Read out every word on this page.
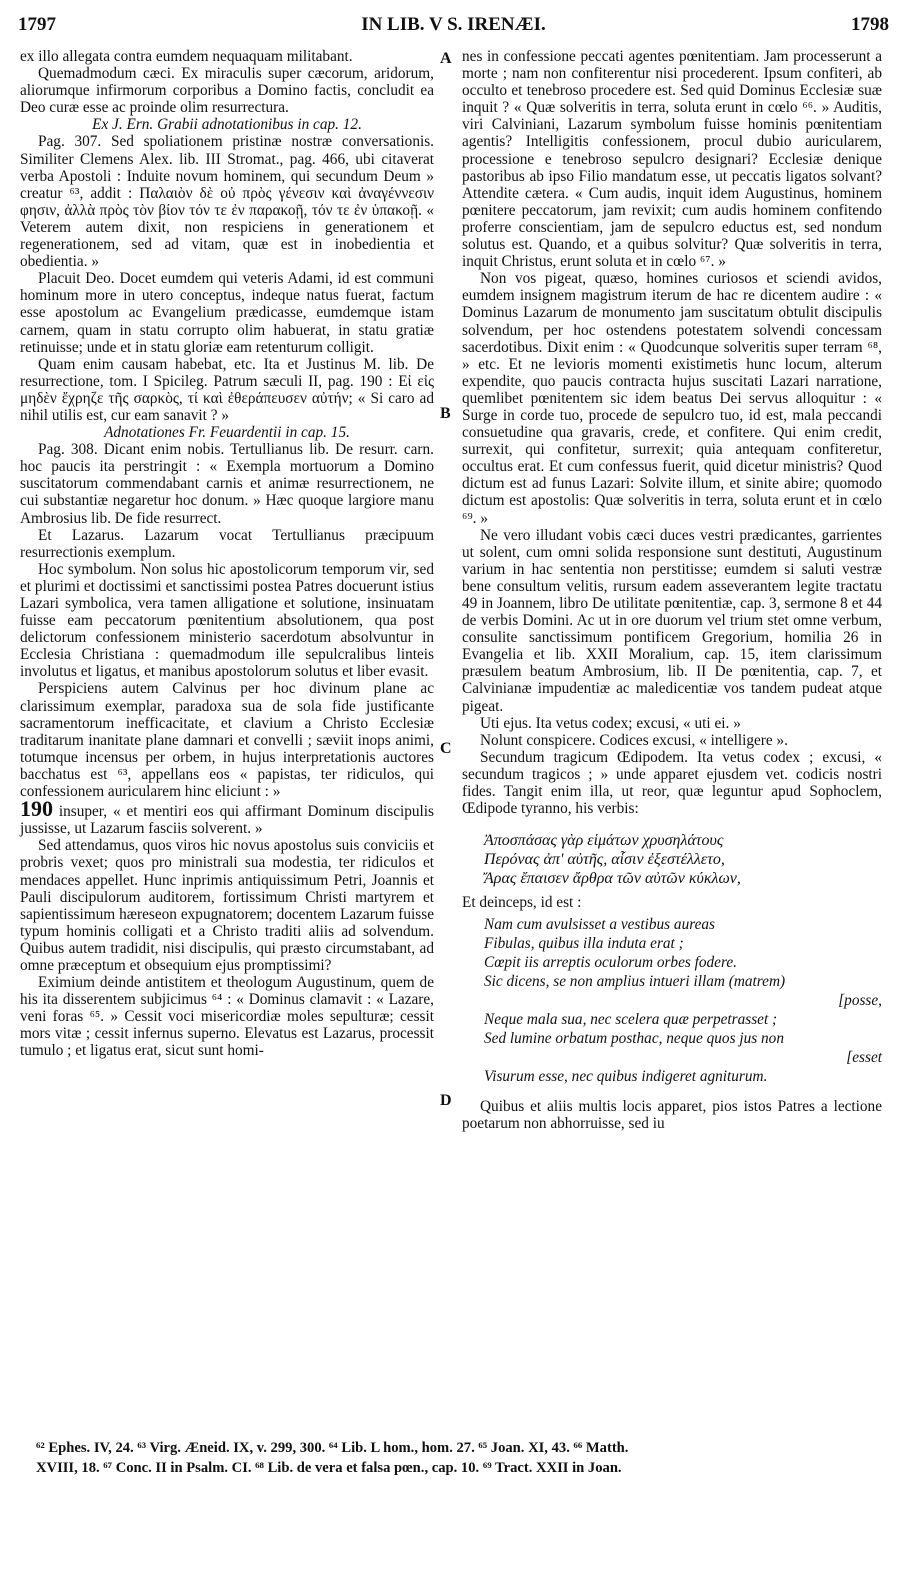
1797	IN LIB. V S. IRENÆI.	1798
A
B
C
D

ex illo allegata contra eumdem nequaquam militabant.

Quemadmodum cæci. Ex miraculis super cæcorum, aridorum, aliorumque infirmorum corporibus a Domino factis, concludit ea Deo curæ esse ac proinde olim resurrectura.

Ex J. Ern. Grabii adnotationibus in cap. 12.

Pag. 307. Sed spoliationem pristinæ nostræ conversationis. Similiter Clemens Alex. lib. III Stromat., pag. 466, ubi citaverat verba Apostoli : Induite novum hominem, qui secundum Deum » creatur ⁶³, addit : Παλαιὸν δὲ οὐ πρὸς γένεσιν καὶ ἀναγέννεσιν φησιν, ἀλλὰ πρὸς τὸν βίον τόν τε ἐν παρακοῇ, τόν τε ἐν ὑπακοῇ. « Veterem autem dixit, non respiciens in generationem et regenerationem, sed ad vitam, quæ est in inobedientia et obedientia. »

Placuit Deo. Docet eumdem qui veteris Adami, id est communi hominum more in utero conceptus, indeque natus fuerat, factum esse apostolum ac Evangelium prædicasse, eumdemque istam carnem, quam in statu corrupto olim habuerat, in statu gratiæ retinuisse; unde et in statu gloriæ eam retenturum colligit.

Quam enim causam habebat, etc. Ita et Justinus M. lib. De resurrectione, tom. I Spicileg. Patrum sæculi II, pag. 190 : Εἰ εἰς μηδὲν ἔχρηζε τῆς σαρκὸς, τί καὶ ἐθεράπευσεν αὐτήν; « Si caro ad nihil utilis est, cur eam sanavit ? »

Adnotationes Fr. Feuardentii in cap. 15.

Pag. 308. Dicant enim nobis. Tertullianus lib. De resurr. carn. hoc paucis ita perstringit : « Exempla mortuorum a Domino suscitatorum commendabant carnis et animæ resurrectionem, ne cui substantiæ negaretur hoc donum. » Hæc quoque largiore manu Ambrosius lib. De fide resurrect.

Et Lazarus. Lazarum vocat Tertullianus præcipuum resurrectionis exemplum.

Hoc symbolum. Non solus hic apostolicorum temporum vir, sed et plurimi et doctissimi et sanctissimi postea Patres docuerunt istius Lazari symbolica, vera tamen alligatione et solutione, insinuatam fuisse eam peccatorum pœnitentium absolutionem, qua post delictorum confessionem ministerio sacerdotum absolvuntur in Ecclesia Christiana : quemadmodum ille sepulcralibus linteis involutus et ligatus, et manibus apostolorum solutus et liber evasit.

Perspiciens autem Calvinus per hoc divinum plane ac clarissimum exemplar, paradoxa sua de sola fide justificante sacramentorum inefficacitate, et clavium a Christo Ecclesiæ traditarum inanitate plane damnari et convelli ; sæviit inops animi, totumque incensus per orbem, in hujus interpretationis auctores bacchatus est ⁶³, appellans eos « papistas, ter ridiculos, qui confessionem auricularem hinc eliciunt : »

190 insuper, « et mentiri eos qui affirmant Dominum discipulis jussisse, ut Lazarum fasciis solverent. »

Sed attendamus, quos viros hic novus apostolus suis conviciis et probris vexet; quos pro ministrali sua modestia, ter ridiculos et mendaces appellet. Hunc inprimis antiquissimum Petri, Joannis et Pauli discipulorum auditorem, fortissimum Christi martyrem et sapientissimum hæreseon expugnatorem; docentem Lazarum fuisse typum hominis colligati et a Christo traditi aliis ad solvendum. Quibus autem tradidit, nisi discipulis, qui præsto circumstabant, ad omne præceptum et obsequium ejus promptissimi?

Eximium deinde antistitem et theologum Augustinum, quem de his ita disserentem subjicimus ⁶⁴ : « Dominus clamavit : « Lazare, veni foras ⁶⁵. » Cessit voci misericordiæ moles sepulturæ; cessit mors vitæ ; cessit infernus superno. Elevatus est Lazarus, processit tumulo ; et ligatus erat, sicut sunt homi-

nes in confessione peccati agentes pœnitentiam. Jam processerunt a morte ; nam non confiterentur nisi procederent. Ipsum confiteri, ab occulto et tenebroso procedere est. Sed quid Dominus Ecclesiæ suæ inquit ? « Quæ solveritis in terra, soluta erunt in cœlo ⁶⁶. » Auditis, viri Calviniani, Lazarum symbolum fuisse hominis pœnitentiam agentis? Intelligitis confessionem, procul dubio auricularem, processione e tenebroso sepulcro designari? Ecclesiæ denique pastoribus ab ipso Filio mandatum esse, ut peccatis ligatos solvant? Attendite cætera. « Cum audis, inquit idem Augustinus, hominem pœnitere peccatorum, jam revixit; cum audis hominem confitendo proferre conscientiam, jam de sepulcro eductus est, sed nondum solutus est. Quando, et a quibus solvitur? Quæ solveritis in terra, inquit Christus, erunt soluta et in cœlo ⁶⁷. »

Non vos pigeat, quæso, homines curiosos et sciendi avidos, eumdem insignem magistrum iterum de hac re dicentem audire : « Dominus Lazarum de monumento jam suscitatum obtulit discipulis solvendum, per hoc ostendens potestatem solvendi concessam sacerdotibus. Dixit enim : « Quodcunque solveritis super terram ⁶⁸, » etc. Et ne levioris momenti existimetis hunc locum, alterum expendite, quo paucis contracta hujus suscitati Lazari narratione, quemlibet pœnitentem sic idem beatus Dei servus alloquitur : « Surge in corde tuo, procede de sepulcro tuo, id est, mala peccandi consuetudine qua gravaris, crede, et confitere. Qui enim credit, surrexit, qui confitetur, surrexit; quia antequam confiteretur, occultus erat. Et cum confessus fuerit, quid dicetur ministris? Quod dictum est ad funus Lazari: Solvite illum, et sinite abire; quomodo dictum est apostolis: Quæ solveritis in terra, soluta erunt et in cœlo ⁶⁹. »

Ne vero illudant vobis cæci duces vestri prædicantes, garrientes ut solent, cum omni solida responsione sunt destituti, Augustinum varium in hac sententia non perstitisse; eumdem si saluti vestræ bene consultum velitis, rursum eadem asseverantem legite tractatu 49 in Joannem, libro De utilitate pœnitentiæ, cap. 3, sermone 8 et 44 de verbis Domini. Ac ut in ore duorum vel trium stet omne verbum, consulite sanctissimum pontificem Gregorium, homilia 26 in Evangelia et lib. XXII Moralium, cap. 15, item clarissimum præsulem beatum Ambrosium, lib. II De pœnitentia, cap. 7, et Calvinianæ impudentiæ ac maledicentiæ vos tandem pudeat atque pigeat.

Uti ejus. Ita vetus codex; excusi, « uti ei. »

Nolunt conspicere. Codices excusi, « intelligere ».

Secundum tragicum Œdipodem. Ita vetus codex ; excusi, « secundum tragicos ; » unde apparet ejusdem vet. codicis nostri fides. Tangit enim illa, ut reor, quæ leguntur apud Sophoclem, Œdipode tyranno, his verbis:

Ἀποσπάσας γὰρ εἱμάτων χρυσηλάτους
Περόνας ἀπ' αὐτῆς, αἷσιν ἐξεστέλλετο,
Ἄρας ἔπαισεν ἄρθρα τῶν αὐτῶν κύκλων,

Et deinceps, id est :

Nam cum avulsisset a vestibus aureas
Fibulas, quibus illa induta erat ;
Cœpit iis arreptis oculorum orbes fodere.
Sic dicens, se non amplius intueri illam (matrem)
[posse,
Neque mala sua, nec scelera quæ perpetrasset ;
Sed lumine orbatum posthac, neque quos jus non
[esset
Visurum esse, nec quibus indigeret agniturum.

Quibus et aliis multis locis apparet, pios istos Patres a lectione poetarum non abhorruisse, sed iu

⁶² Ephes. IV, 24. ⁶³ Virg. Æneid. IX, v. 299, 300. ⁶⁴ Lib. L hom., hom. 27. ⁶⁵ Joan. XI, 43. ⁶⁶ Matth.
XVIII, 18. ⁶⁷ Conc. II in Psalm. CI. ⁶⁸ Lib. de vera et falsa pœn., cap. 10. ⁶⁹ Tract. XXII in Joan.
